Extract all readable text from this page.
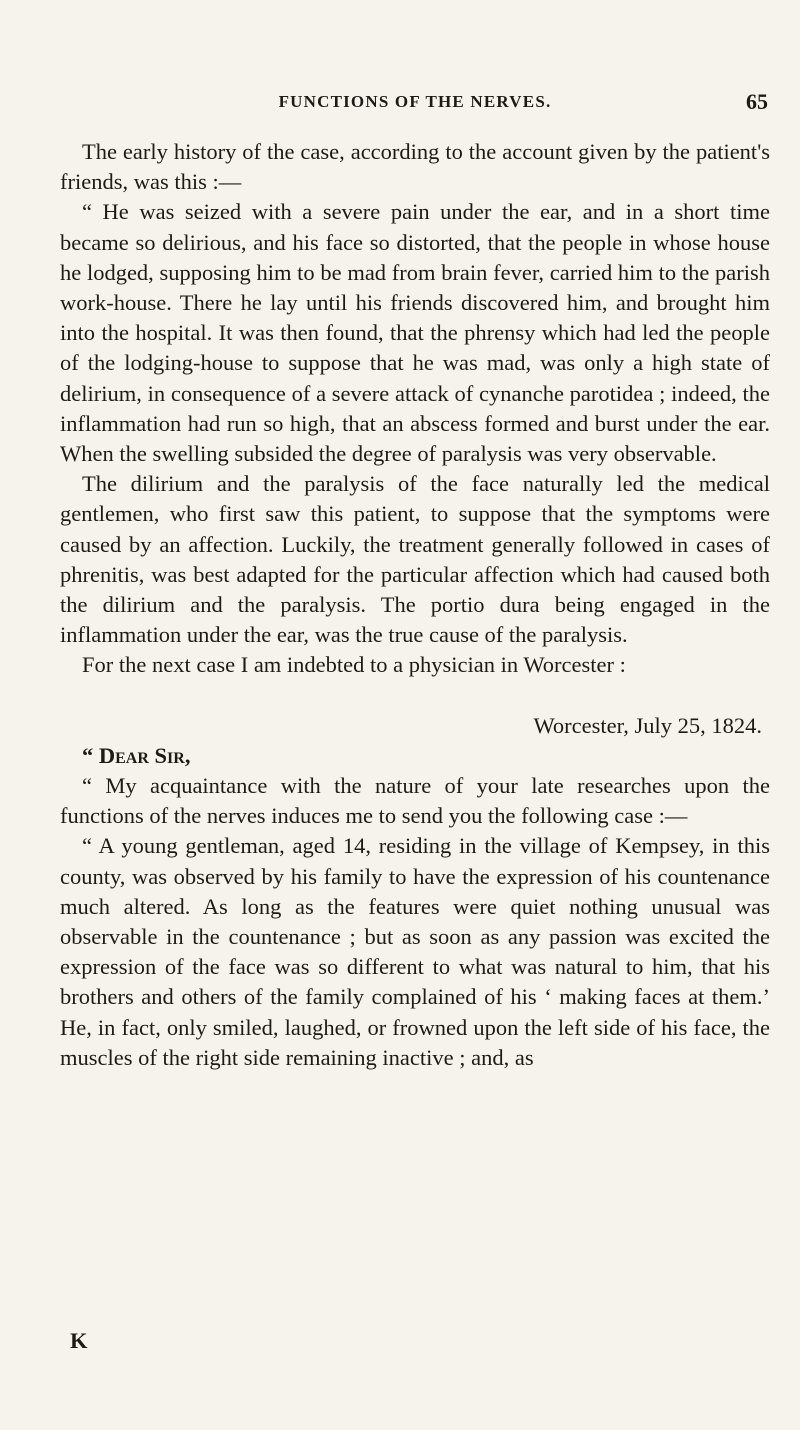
FUNCTIONS OF THE NERVES.	65

The early history of the case, according to the account given by the patient's friends, was this :—

“ He was seized with a severe pain under the ear, and in a short time became so delirious, and his face so distorted, that the people in whose house he lodged, supposing him to be mad from brain fever, carried him to the parish work-house. There he lay until his friends discovered him, and brought him into the hospital. It was then found, that the phrensy which had led the people of the lodging-house to suppose that he was mad, was only a high state of delirium, in consequence of a severe attack of cynanche parotidea ; indeed, the inflammation had run so high, that an abscess formed and burst under the ear. When the swelling subsided the degree of paralysis was very observable.

The dilirium and the paralysis of the face naturally led the medical gentlemen, who first saw this patient, to suppose that the symptoms were caused by an affection. Luckily, the treatment generally followed in cases of phrenitis, was best adapted for the particular affection which had caused both the dilirium and the paralysis. The portio dura being engaged in the inflammation under the ear, was the true cause of the paralysis.

For the next case I am indebted to a physician in Worcester :

Worcester, July 25, 1824.

“ Dear Sir,

“ My acquaintance with the nature of your late researches upon the functions of the nerves induces me to send you the following case :—

“ A young gentleman, aged 14, residing in the village of Kempsey, in this county, was observed by his family to have the expression of his countenance much altered. As long as the features were quiet nothing unusual was observable in the countenance ; but as soon as any passion was excited the expression of the face was so different to what was natural to him, that his brothers and others of the family complained of his ‘ making faces at them.’ He, in fact, only smiled, laughed, or frowned upon the left side of his face, the muscles of the right side remaining inactive ; and, as

K
